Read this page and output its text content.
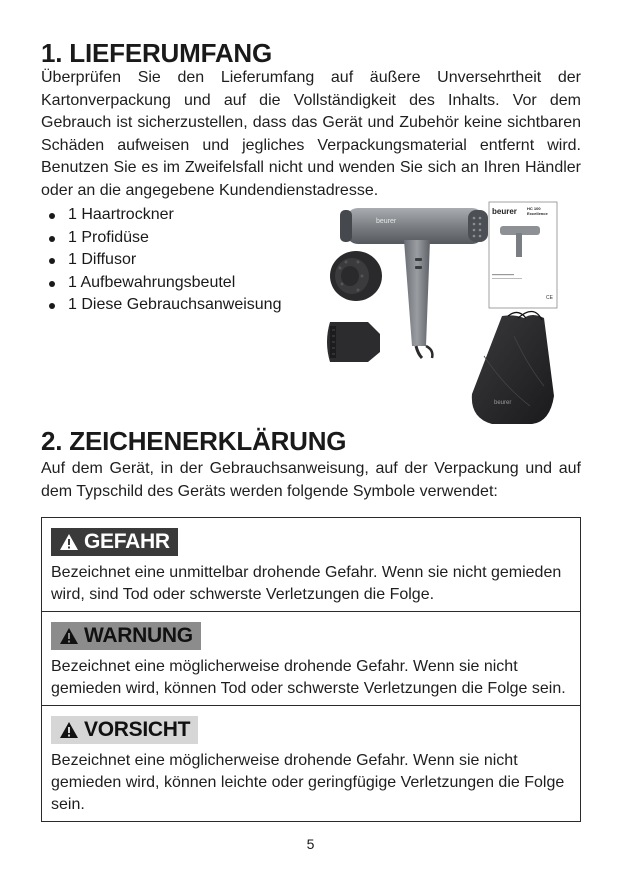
1. LIEFERUMFANG

Überprüfen Sie den Lieferumfang auf äußere Unversehrtheit der Kartonverpackung und auf die Vollständigkeit des Inhalts. Vor dem Gebrauch ist sicherzustellen, dass das Gerät und Zubehör keine sichtbaren Schäden aufweisen und jegliches Verpackungsmaterial entfernt wird. Benutzen Sie es im Zweifelsfall nicht und wenden Sie sich an Ihren Händler oder an die angegebene Kundendienstadresse.

1 Haartrockner
1 Profidüse
1 Diffusor
1 Aufbewahrungsbeutel
1 Diese Gebrauchsanweisung
beurer
beurer	HC 100
Excellence
CE
beurer
2. ZEICHENERKLÄRUNG

Auf dem Gerät, in der Gebrauchsanweisung, auf der Verpackung und auf dem Typschild des Geräts werden folgende Symbole verwendet:

GEFAHR

Bezeichnet eine unmittelbar drohende Gefahr. Wenn sie nicht gemieden wird, sind Tod oder schwerste Verletzungen die Folge.

WARNUNG

Bezeichnet eine möglicherweise drohende Gefahr. Wenn sie nicht gemieden wird, können Tod oder schwerste Verletzungen die Folge sein.

VORSICHT

Bezeichnet eine möglicherweise drohende Gefahr. Wenn sie nicht gemieden wird, können leichte oder geringfügige Verletzungen die Folge sein.

5
